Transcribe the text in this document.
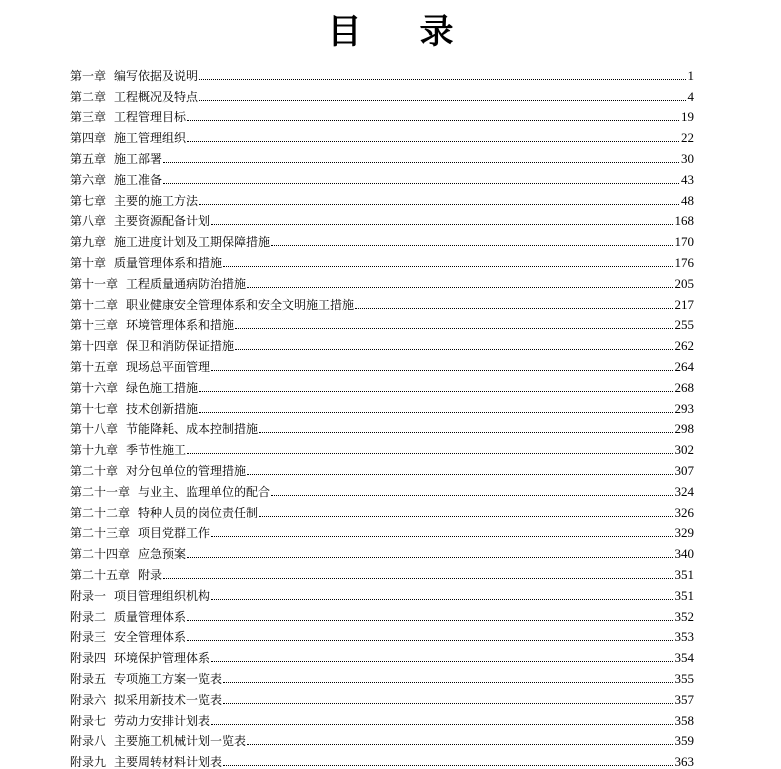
目 录
第一章 编写依据及说明	1
第二章 工程概况及特点	4
第三章 工程管理目标	19
第四章 施工管理组织	22
第五章 施工部署	30
第六章 施工准备	43
第七章 主要的施工方法	48
第八章 主要资源配备计划	168
第九章 施工进度计划及工期保障措施	170
第十章 质量管理体系和措施	176
第十一章 工程质量通病防治措施	205
第十二章 职业健康安全管理体系和安全文明施工措施	217
第十三章 环境管理体系和措施	255
第十四章 保卫和消防保证措施	262
第十五章 现场总平面管理	264
第十六章 绿色施工措施	268
第十七章 技术创新措施	293
第十八章 节能降耗、成本控制措施	298
第十九章 季节性施工	302
第二十章 对分包单位的管理措施	307
第二十一章 与业主、监理单位的配合	324
第二十二章 特种人员的岗位责任制	326
第二十三章 项目党群工作	329
第二十四章 应急预案	340
第二十五章 附录	351
附录一 项目管理组织机构	351
附录二 质量管理体系	352
附录三 安全管理体系	353
附录四 环境保护管理体系	354
附录五 专项施工方案一览表	355
附录六 拟采用新技术一览表	357
附录七 劳动力安排计划表	358
附录八 主要施工机械计划一览表	359
附录九 主要周转材料计划表	363
